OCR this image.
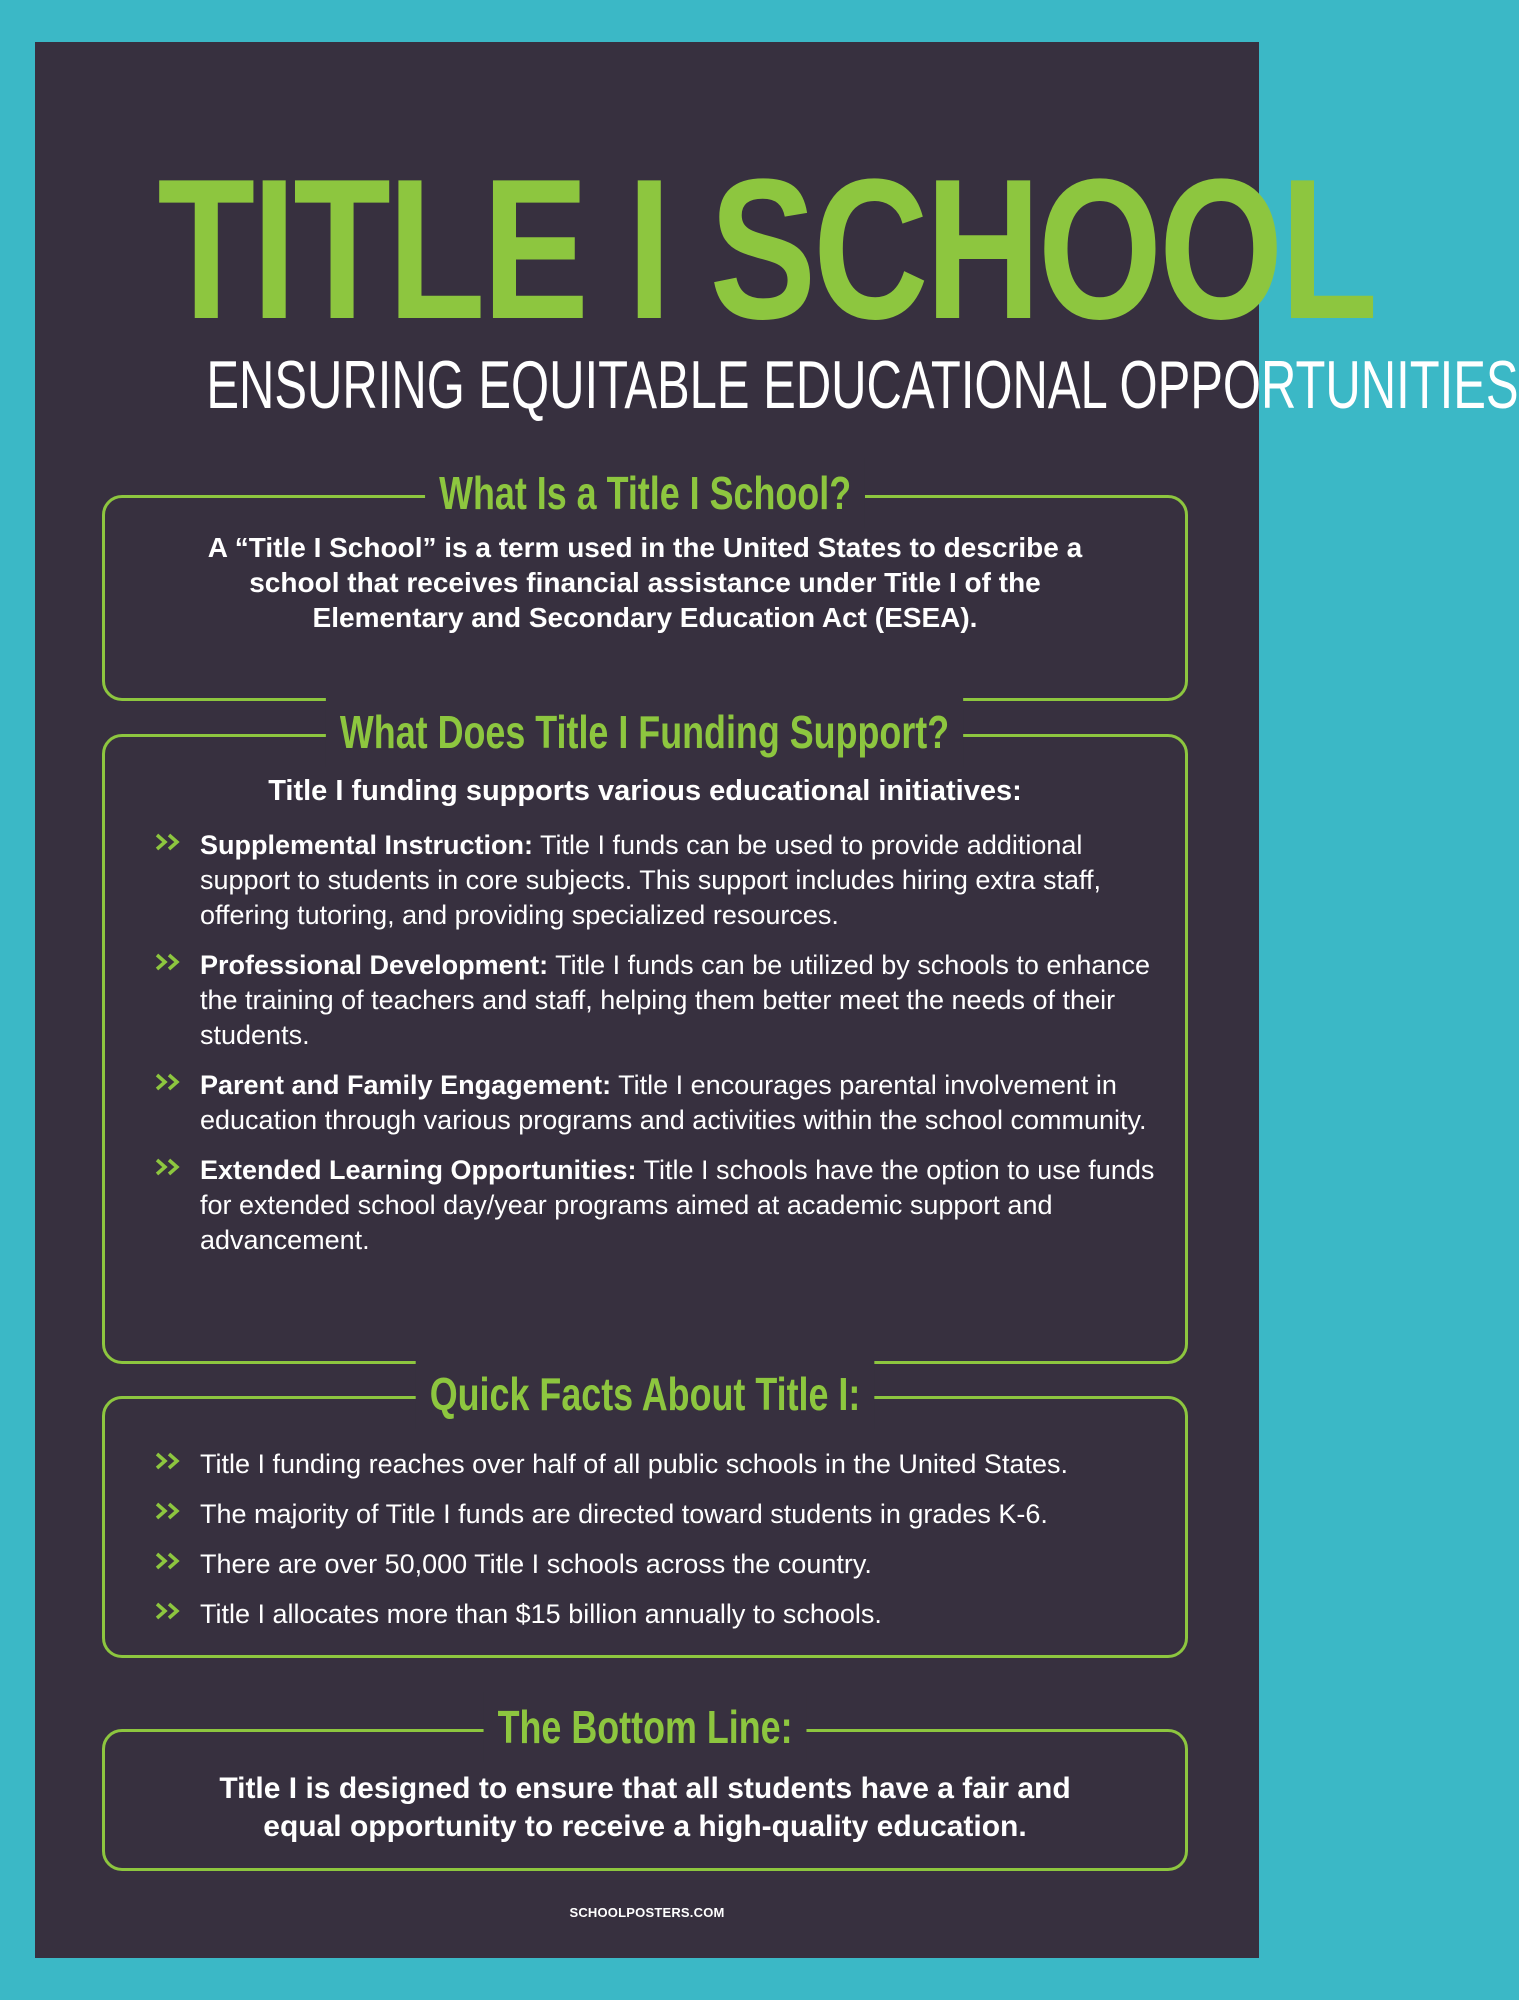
TITLE I SCHOOL
ENSURING EQUITABLE EDUCATIONAL OPPORTUNITIES
What Is a Title I School?
A “Title I School” is a term used in the United States to describe a school that receives financial assistance under Title I of the Elementary and Secondary Education Act (ESEA).
What Does Title I Funding Support?
Title I funding supports various educational initiatives:
Supplemental Instruction: Title I funds can be used to provide additional support to students in core subjects. This support includes hiring extra staff, offering tutoring, and providing specialized resources.
Professional Development: Title I funds can be utilized by schools to enhance the training of teachers and staff, helping them better meet the needs of their students.
Parent and Family Engagement: Title I encourages parental involvement in education through various programs and activities within the school community.
Extended Learning Opportunities: Title I schools have the option to use funds for extended school day/year programs aimed at academic support and advancement.
Quick Facts About Title I:
Title I funding reaches over half of all public schools in the United States.
The majority of Title I funds are directed toward students in grades K-6.
There are over 50,000 Title I schools across the country.
Title I allocates more than $15 billion annually to schools.
The Bottom Line:
Title I is designed to ensure that all students have a fair and equal opportunity to receive a high-quality education.
SCHOOLPOSTERS.COM
